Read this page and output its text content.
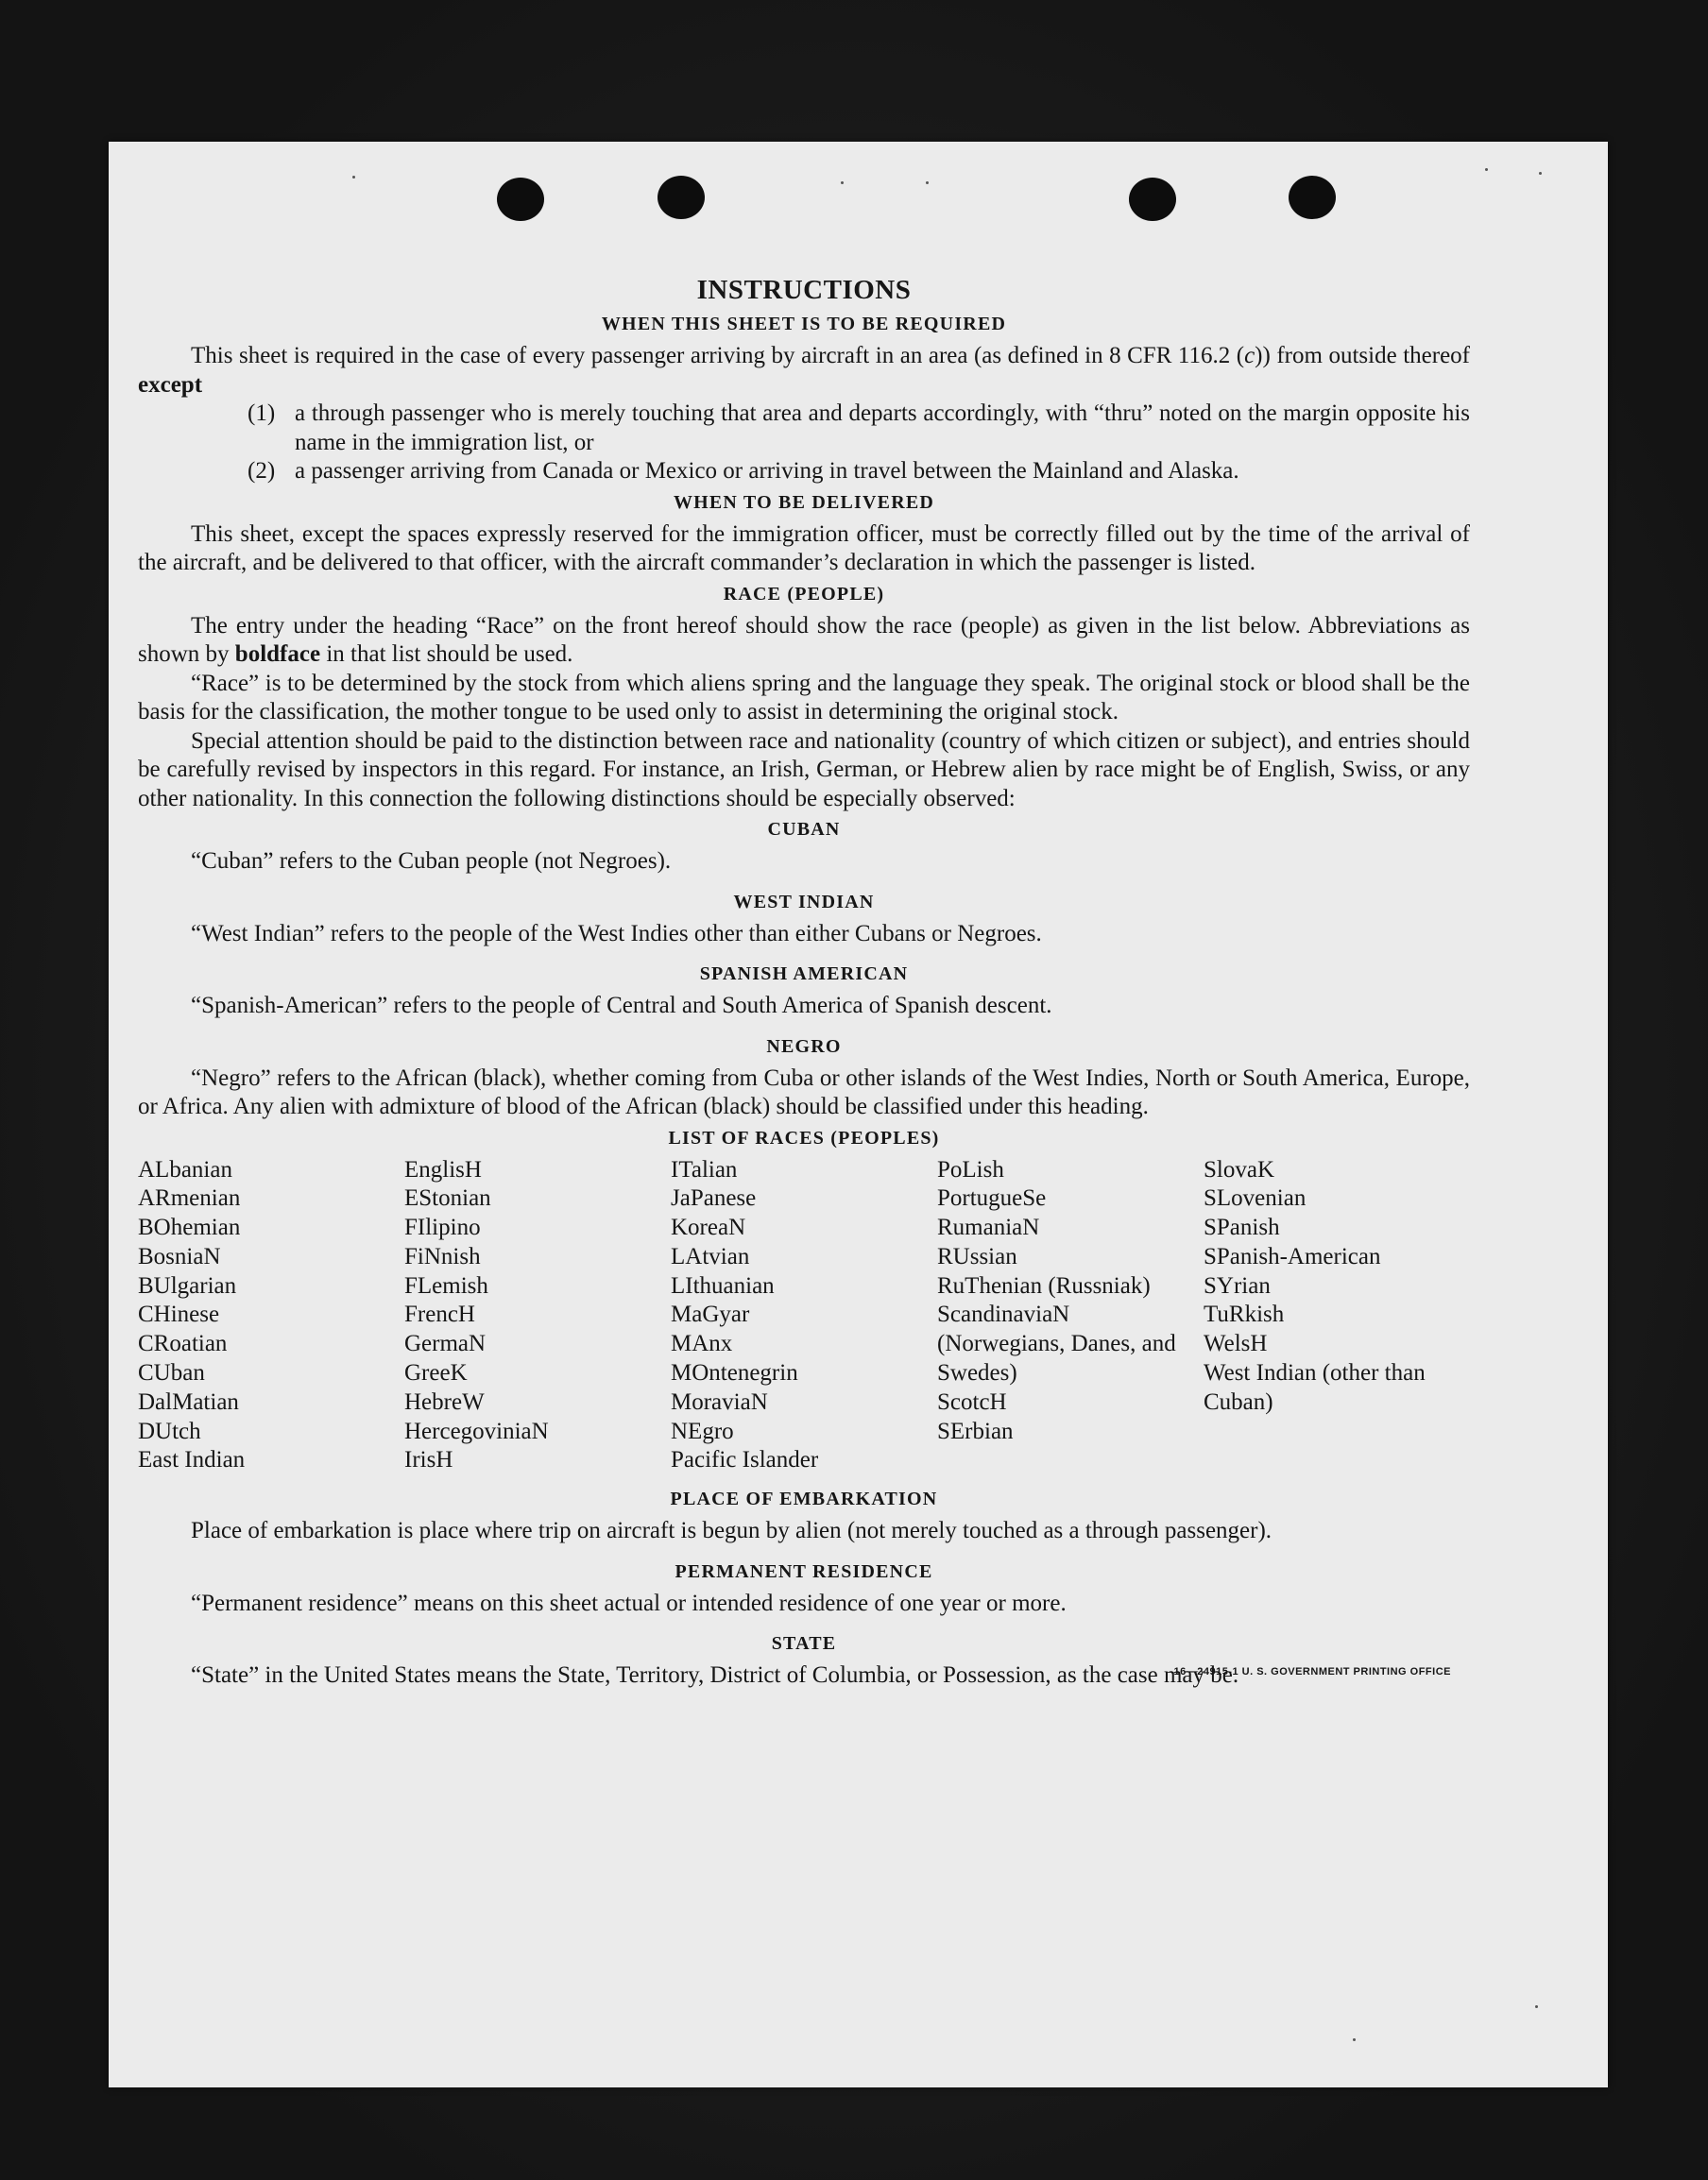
INSTRUCTIONS
WHEN THIS SHEET IS TO BE REQUIRED

This sheet is required in the case of every passenger arriving by aircraft in an area (as defined in 8 CFR 116.2 (c)) from outside thereof except

(1) a through passenger who is merely touching that area and departs accordingly, with “thru” noted on the margin opposite his name in the immigration list, or
(2) a passenger arriving from Canada or Mexico or arriving in travel between the Mainland and Alaska.
WHEN TO BE DELIVERED

This sheet, except the spaces expressly reserved for the immigration officer, must be correctly filled out by the time of the arrival of the aircraft, and be delivered to that officer, with the aircraft commander’s declaration in which the passenger is listed.

RACE (PEOPLE)

The entry under the heading “Race” on the front hereof should show the race (people) as given in the list below. Abbreviations as shown by boldface in that list should be used.

“Race” is to be determined by the stock from which aliens spring and the language they speak. The original stock or blood shall be the basis for the classification, the mother tongue to be used only to assist in determining the original stock.

Special attention should be paid to the distinction between race and nationality (country of which citizen or subject), and entries should be carefully revised by inspectors in this regard. For instance, an Irish, German, or Hebrew alien by race might be of English, Swiss, or any other nationality. In this connection the following distinctions should be especially observed:

CUBAN

“Cuban” refers to the Cuban people (not Negroes).

WEST INDIAN

“West Indian” refers to the people of the West Indies other than either Cubans or Negroes.

SPANISH AMERICAN

“Spanish-American” refers to the people of Central and South America of Spanish descent.

NEGRO

“Negro” refers to the African (black), whether coming from Cuba or other islands of the West Indies, North or South America, Europe, or Africa. Any alien with admixture of blood of the African (black) should be classified under this heading.

LIST OF RACES (PEOPLES)
ALbanian
ARmenian
BOhemian
BosniaN
BUlgarian
CHinese
CRoatian
CUban
DalMatian
DUtch
East Indian
EnglisH
EStonian
FIlipino
FiNnish
FLemish
FrencH
GermaN
GreeK
HebreW
HercegoviniaN
IrisH
ITalian
JaPanese
KoreaN
LAtvian
LIthuanian
MaGyar
MAnx
MOntenegrin
MoraviaN
NEgro
Pacific Islander
PoLish
PortugueSe
RumaniaN
RUssian
RuThenian (Russniak)
ScandinaviaN (Norwegians, Danes, and Swedes)
ScotcH
SErbian
SlovaK
SLovenian
SPanish
SPanish-American
SYrian
TuRkish
WelsH
West Indian (other than Cuban)
PLACE OF EMBARKATION

Place of embarkation is place where trip on aircraft is begun by alien (not merely touched as a through passenger).

PERMANENT RESIDENCE

“Permanent residence” means on this sheet actual or intended residence of one year or more.

STATE

“State” in the United States means the State, Territory, District of Columbia, or Possession, as the case may be.

16—24915-1 U. S. GOVERNMENT PRINTING OFFICE
